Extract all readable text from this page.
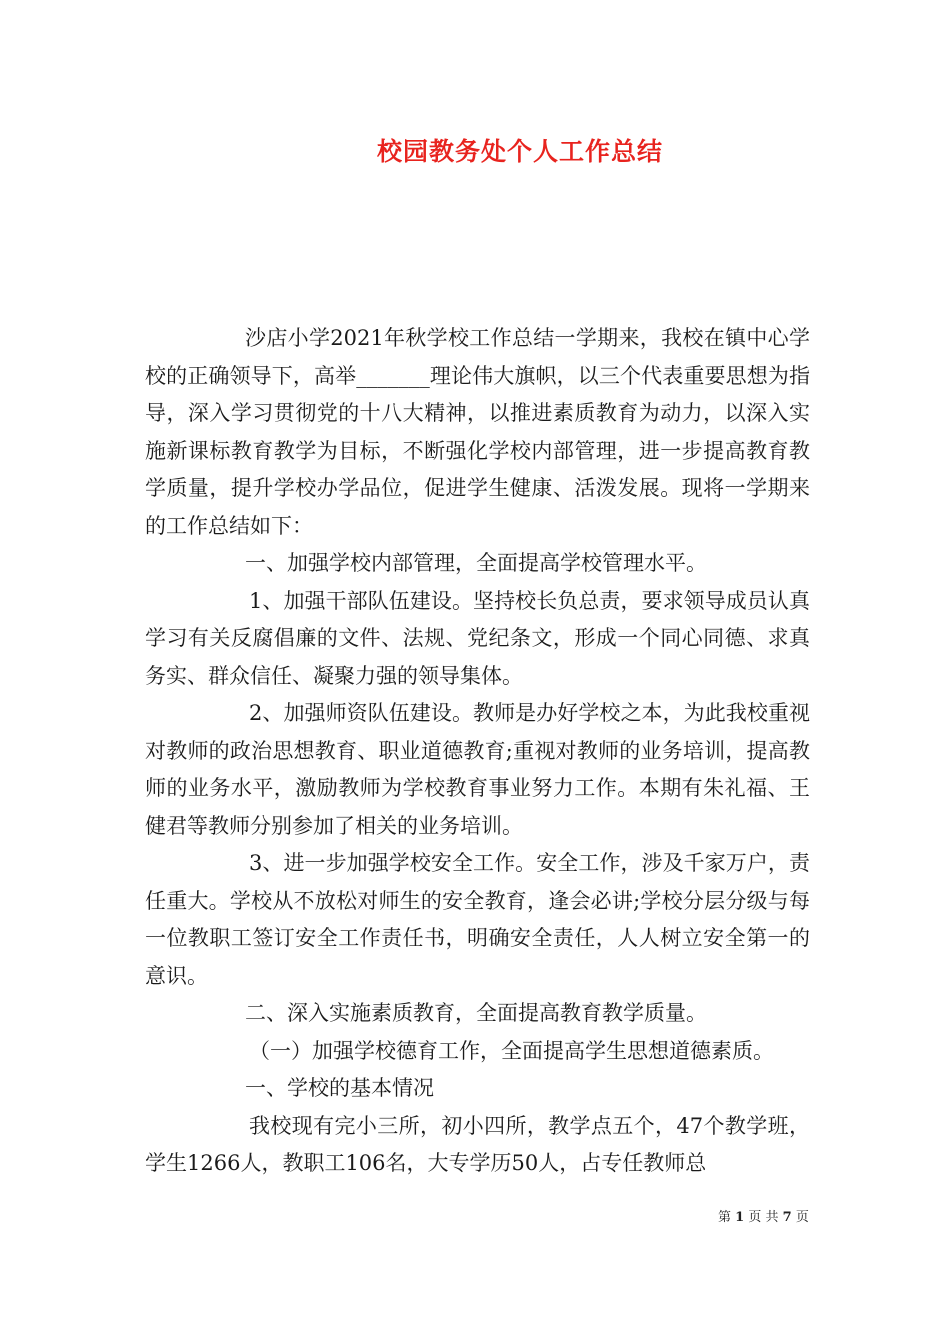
校园教务处个人工作总结

沙店小学2021年秋学校工作总结一学期来，我校在镇中心学校的正确领导下，高举_______理论伟大旗帜，以三个代表重要思想为指导，深入学习贯彻党的十八大精神，以推进素质教育为动力，以深入实施新课标教育教学为目标，不断强化学校内部管理，进一步提高教育教学质量，提升学校办学品位，促进学生健康、活泼发展。现将一学期来的工作总结如下：

一、加强学校内部管理，全面提高学校管理水平。

1、加强干部队伍建设。坚持校长负总责，要求领导成员认真学习有关反腐倡廉的文件、法规、党纪条文，形成一个同心同德、求真务实、群众信任、凝聚力强的领导集体。

2、加强师资队伍建设。教师是办好学校之本，为此我校重视对教师的政治思想教育、职业道德教育;重视对教师的业务培训，提高教师的业务水平，激励教师为学校教育事业努力工作。本期有朱礼福、王健君等教师分别参加了相关的业务培训。

3、进一步加强学校安全工作。安全工作，涉及千家万户，责任重大。学校从不放松对师生的安全教育，逢会必讲;学校分层分级与每一位教职工签订安全工作责任书，明确安全责任，人人树立安全第一的意识。

二、深入实施素质教育，全面提高教育教学质量。

（一）加强学校德育工作，全面提高学生思想道德素质。

一、学校的基本情况

我校现有完小三所，初小四所，教学点五个，47个教学班，学生1266人，教职工106名，大专学历50人，占专任教师总

第 1 页 共 7 页
